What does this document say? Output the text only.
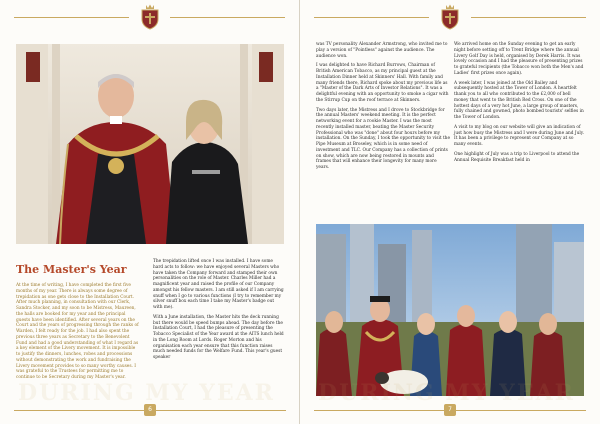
The Master's Year

At the time of writing, I have completed the first five months of my year. There is always some degree of trepidation as one gets close to the Installation Court. After much planning, in consultation with our Clerk, Sandra Stocker, and my soon to be Mistress, Maureen, the halls are booked for my year and the principal guests have been identified. After several years on the Court and the years of progressing through the ranks of Warden, I felt ready for the job. I had also spent the previous three years as Secretary to the Benevolent Fund and had a good understanding of what I regard as a key element of the Livery movement. It is impossible to justify the dinners, lunches, robes and processions without demonstrating the work and fundraising the Livery movement provides to so many worthy causes. I was grateful to the Trustees for permitting me to continue to be Secretary during my Master's year.

The trepidation lifted once I was installed. I have some hard acts to follow: we have enjoyed several Masters who have taken the Company forward and stamped their own personalities on the role of Master. Charles Miller had a magnificent year and raised the profile of our Company amongst his fellow masters. I am still asked if I am carrying snuff when I go to various functions (I try to remember my silver snuff box each time I take my Master's badge out with me).

With a June installation, the Master hits the deck running but there would be speed bumps ahead. The day before the Installation Court, I had the pleasure of presenting the Tobacco Specialist of the Year award at the AITS lunch held in the Long Room at Lords. Roger Morton and his organisation each year ensure that this function raises much needed funds for the Welfare Fund. This year's guest speaker

DURING MY YEAR
6

was TV personality Alexander Armstrong, who invited me to play a version of "Pointless" against the audience. The audience won.

I was delighted to have Richard Burrows, Chairman of British American Tobacco, as my principal guest at the Installation Dinner held at Skinners' Hall. With family and many friends there, Richard spoke about my previous life as a "Master of the Dark Arts of Investor Relations". It was a delightful evening with an opportunity to smoke a cigar with the Stirrup Cup on the roof terrace at Skinners.

Two days later, the Mistress and I drove to Stockbridge for the annual Masters' weekend meeting. It is the perfect networking event for a rookie Master. I was the most recently installed master, beating the Master Security Professional who was "done" about four hours before my installation. On the Sunday, I took the opportunity to visit the Pipe Museum at Broseley, which is in some need of investment and TLC. Our Company has a collection of prints on show, which are now being restored in mounts and frames that will enhance their longevity for many more years.

We arrived home on the Sunday evening to get an early night before setting off to Trent Bridge where the annual Livery Golf Day is held, organised by Derek Harris. It was lovely occasion and I had the pleasure of presenting prizes to grateful recipients (the Tobacco won both the Men's and Ladies' first prizes once again).

A week later, I was joined at the Old Bailey and subsequently hosted at the Tower of London. A heartfelt thank you to all who contributed to the £2,000 of bell money that went to the British Red Cross. On one of the hottest days of a very hot June, a large group of masters, fully chained and gowned, photo bombed tourists' selfies in the Tower of London.

A visit to my blog on our website will give an indication of just how busy the Mistress and I were during June and July. It has been a privilege to represent our Company at so many events.

One highlight of July was a trip to Liverpool to attend the Annual Requisite Breakfast held in

7
